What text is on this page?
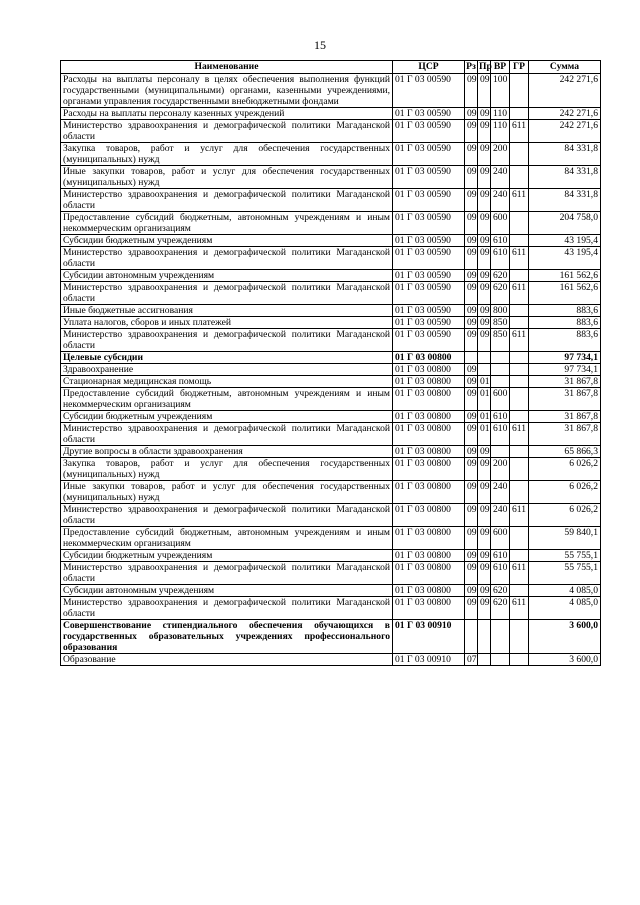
15
Наименование	ЦСР	Рз	Пр	ВР	ГР	Сумма
Расходы на выплаты персоналу в целях обеспечения выполнения функций государственными (муниципальными) органами, казенными учреждениями, органами управления государственными внебюджетными фондами	01 Г 03 00590	09	09	100		242 271,6
Расходы на выплаты персоналу казенных учреждений	01 Г 03 00590	09	09	110		242 271,6
Министерство здравоохранения и демографической политики Магаданской области	01 Г 03 00590	09	09	110	611	242 271,6
Закупка товаров, работ и услуг для обеспечения государственных (муниципальных) нужд	01 Г 03 00590	09	09	200		84 331,8
Иные закупки товаров, работ и услуг для обеспечения государственных (муниципальных) нужд	01 Г 03 00590	09	09	240		84 331,8
Министерство здравоохранения и демографической политики Магаданской области	01 Г 03 00590	09	09	240	611	84 331,8
Предоставление субсидий бюджетным, автономным учреждениям и иным некоммерческим организациям	01 Г 03 00590	09	09	600		204 758,0
Субсидии бюджетным учреждениям	01 Г 03 00590	09	09	610		43 195,4
Министерство здравоохранения и демографической политики Магаданской области	01 Г 03 00590	09	09	610	611	43 195,4
Субсидии автономным учреждениям	01 Г 03 00590	09	09	620		161 562,6
Министерство здравоохранения и демографической политики Магаданской области	01 Г 03 00590	09	09	620	611	161 562,6
Иные бюджетные ассигнования	01 Г 03 00590	09	09	800		883,6
Уплата налогов, сборов и иных платежей	01 Г 03 00590	09	09	850		883,6
Министерство здравоохранения и демографической политики Магаданской области	01 Г 03 00590	09	09	850	611	883,6
Целевые субсидии	01 Г 03 00800					97 734,1
Здравоохранение	01 Г 03 00800	09				97 734,1
Стационарная медицинская помощь	01 Г 03 00800	09	01			31 867,8
Предоставление субсидий бюджетным, автономным учреждениям и иным некоммерческим организациям	01 Г 03 00800	09	01	600		31 867,8
Субсидии бюджетным учреждениям	01 Г 03 00800	09	01	610		31 867,8
Министерство здравоохранения и демографической политики Магаданской области	01 Г 03 00800	09	01	610	611	31 867,8
Другие вопросы в области здравоохранения	01 Г 03 00800	09	09			65 866,3
Закупка товаров, работ и услуг для обеспечения государственных (муниципальных) нужд	01 Г 03 00800	09	09	200		6 026,2
Иные закупки товаров, работ и услуг для обеспечения государственных (муниципальных) нужд	01 Г 03 00800	09	09	240		6 026,2
Министерство здравоохранения и демографической политики Магаданской области	01 Г 03 00800	09	09	240	611	6 026,2
Предоставление субсидий бюджетным, автономным учреждениям и иным некоммерческим организациям	01 Г 03 00800	09	09	600		59 840,1
Субсидии бюджетным учреждениям	01 Г 03 00800	09	09	610		55 755,1
Министерство здравоохранения и демографической политики Магаданской области	01 Г 03 00800	09	09	610	611	55 755,1
Субсидии автономным учреждениям	01 Г 03 00800	09	09	620		4 085,0
Министерство здравоохранения и демографической политики Магаданской области	01 Г 03 00800	09	09	620	611	4 085,0
Совершенствование стипендиального обеспечения обучающихся в государственных образовательных учреждениях профессионального образования	01 Г 03 00910					3 600,0
Образование	01 Г 03 00910	07				3 600,0
